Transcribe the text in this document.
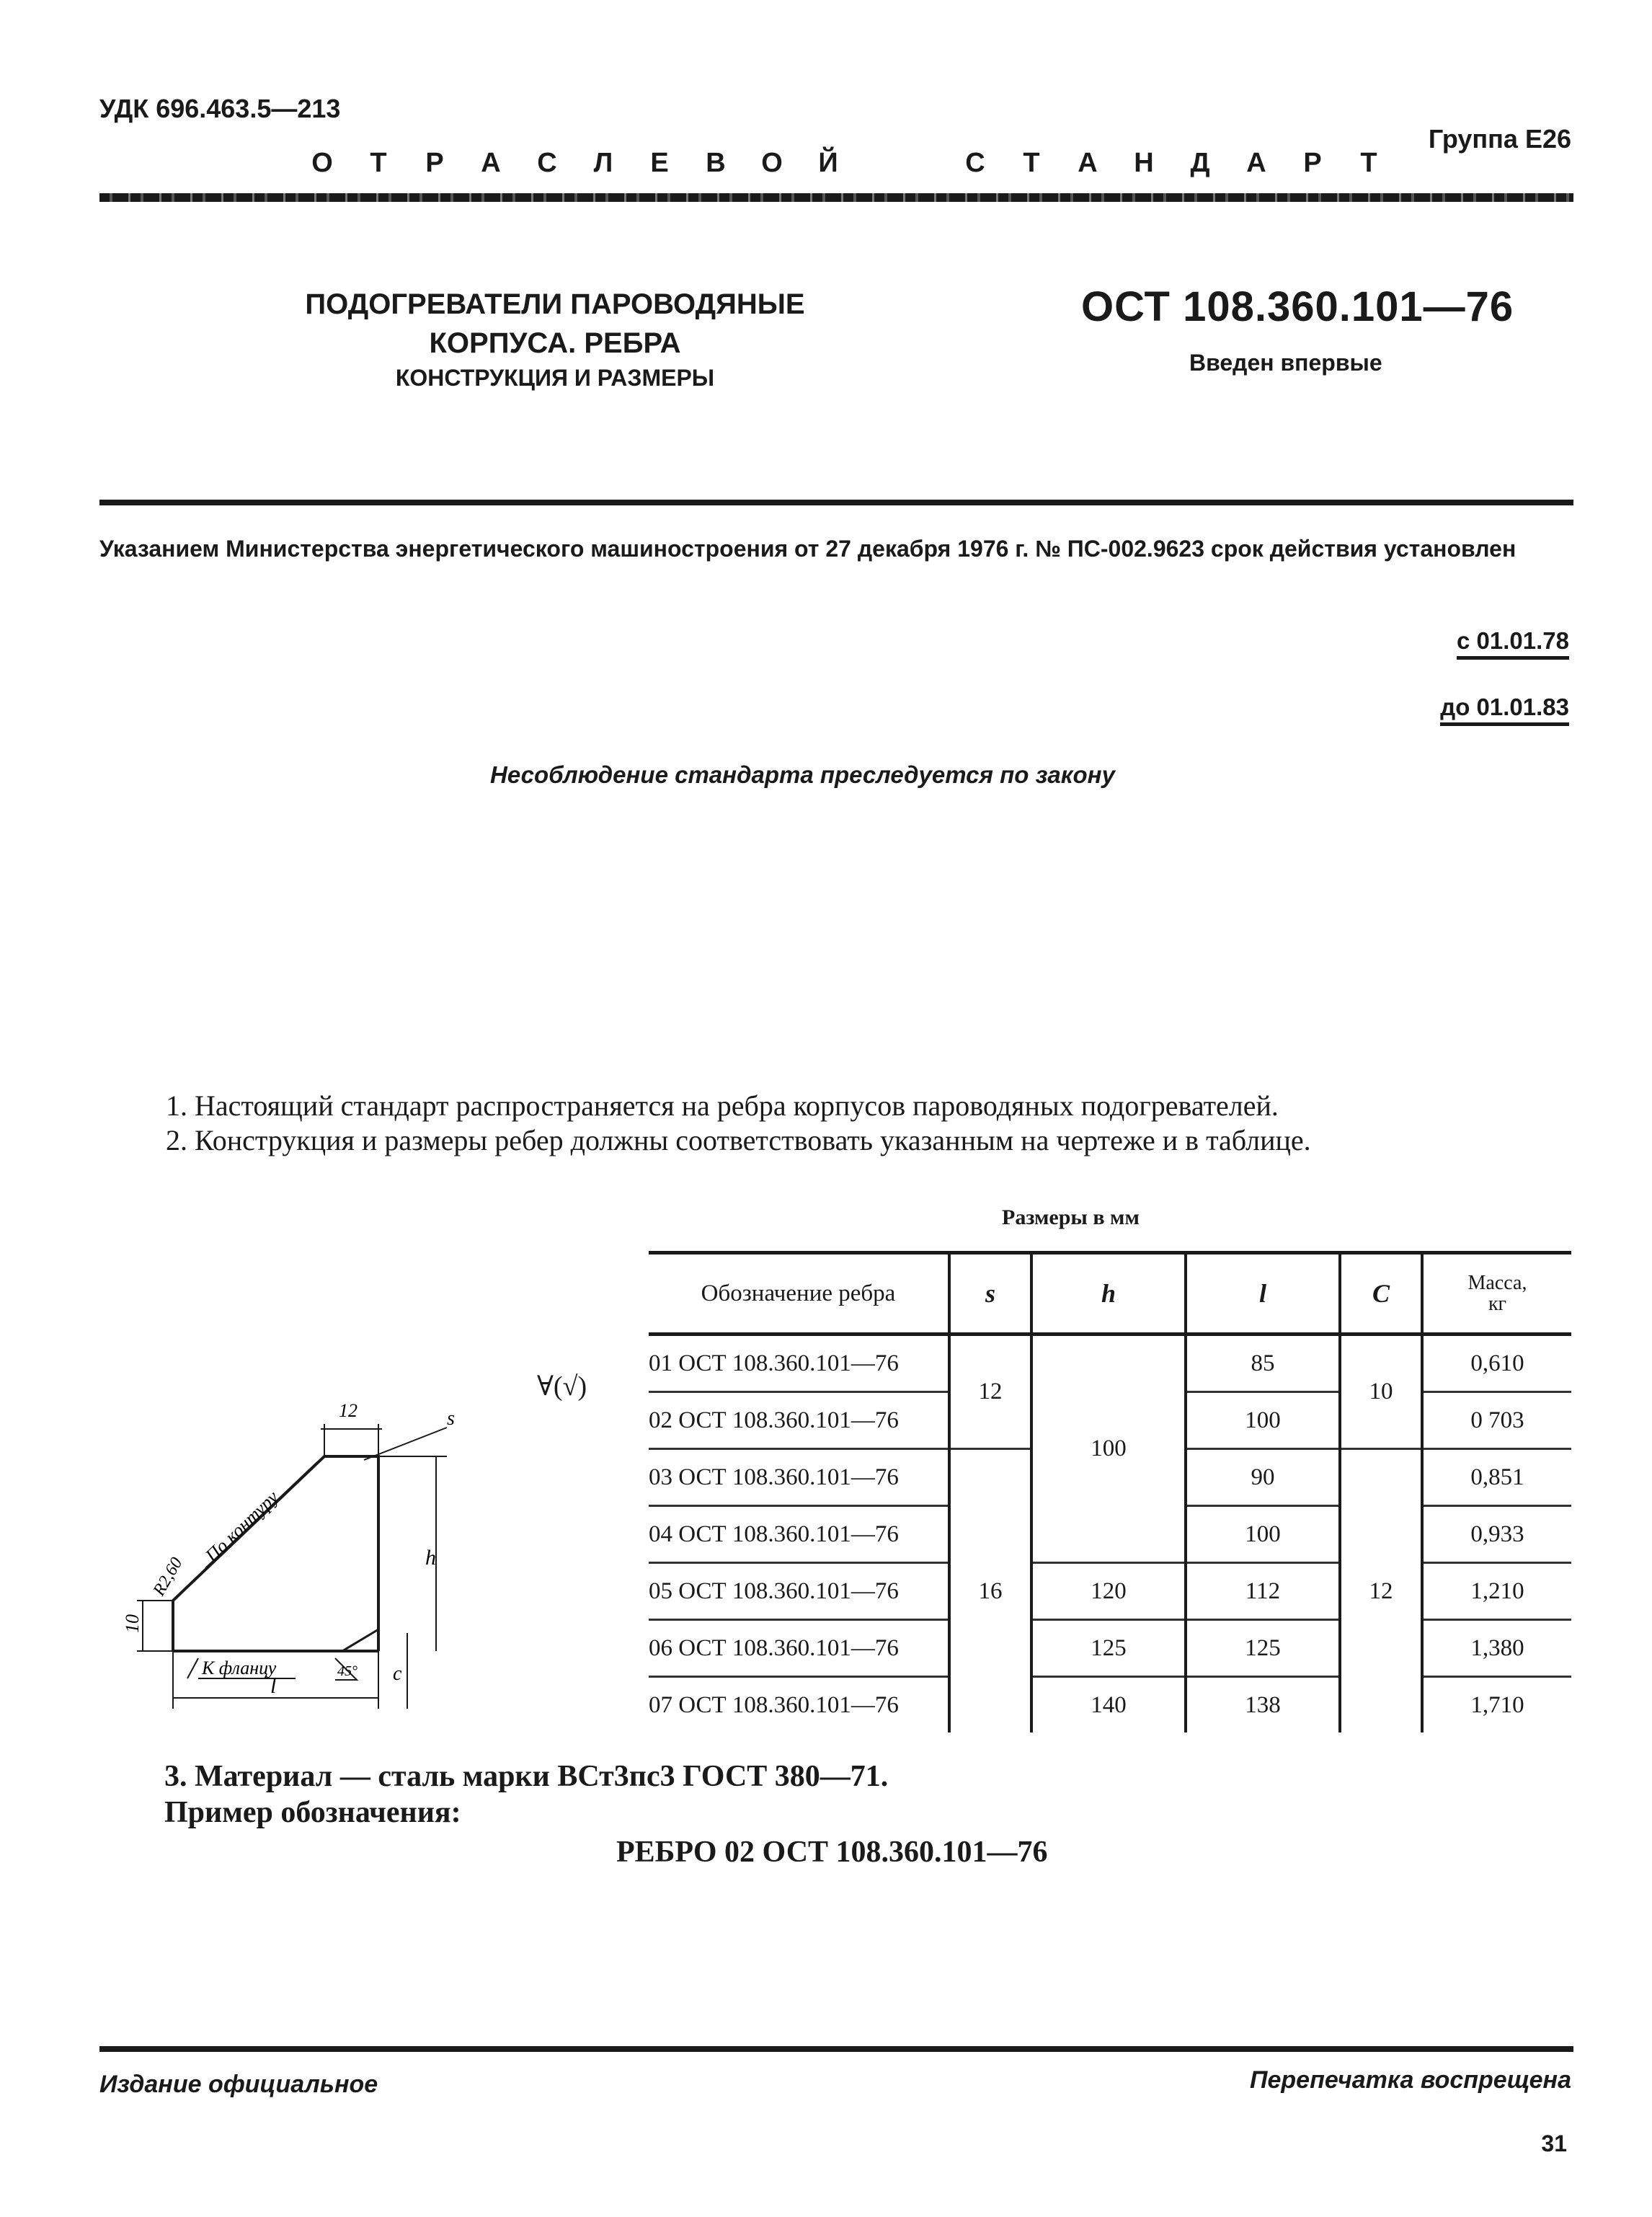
УДК 696.463.5—213
Группа Е26
О	Т	Р	А	С	Л	Е	В	О	Й	С	Т	А	Н	Д	А	Р	Т
ПОДОГРЕВАТЕЛИ ПАРОВОДЯНЫЕ
КОРПУСА. РЕБРА
КОНСТРУКЦИЯ И РАЗМЕРЫ
ОСТ 108.360.101—76
Введен впервые
Указанием Министерства энергетического машиностроения от 27 декабря 1976 г. № ПС-002.9623 срок действия установлен
с 01.01.78
до 01.01.83
Несоблюдение стандарта преследуется по закону
1. Настоящий стандарт распространяется на ребра корпусов пароводяных подогревателей.
2. Конструкция и размеры ребер должны соответствовать указанным на чертеже и в таблице.
12	s
h
По контуру
R2,60
10
К фланцу	45° c
l
∀(√)
Размеры в мм
Обозначение ребра	s	h	l	C	Масса,
кг

01 ОСТ 108.360.101—76	12	100	85	10	0,610
02 ОСТ 108.360.101—76			100		0 703
03 ОСТ 108.360.101—76	16		90	12	0,851
04 ОСТ 108.360.101—76			100		0,933
05 ОСТ 108.360.101—76		120	112		1,210
06 ОСТ 108.360.101—76		125	125		1,380
07 ОСТ 108.360.101—76		140	138		1,710
3. Материал — сталь марки ВСт3пс3 ГОСТ 380—71.
Пример обозначения:
РЕБРО 02 ОСТ 108.360.101—76
Издание официальное	Перепечатка воспрещена
31
